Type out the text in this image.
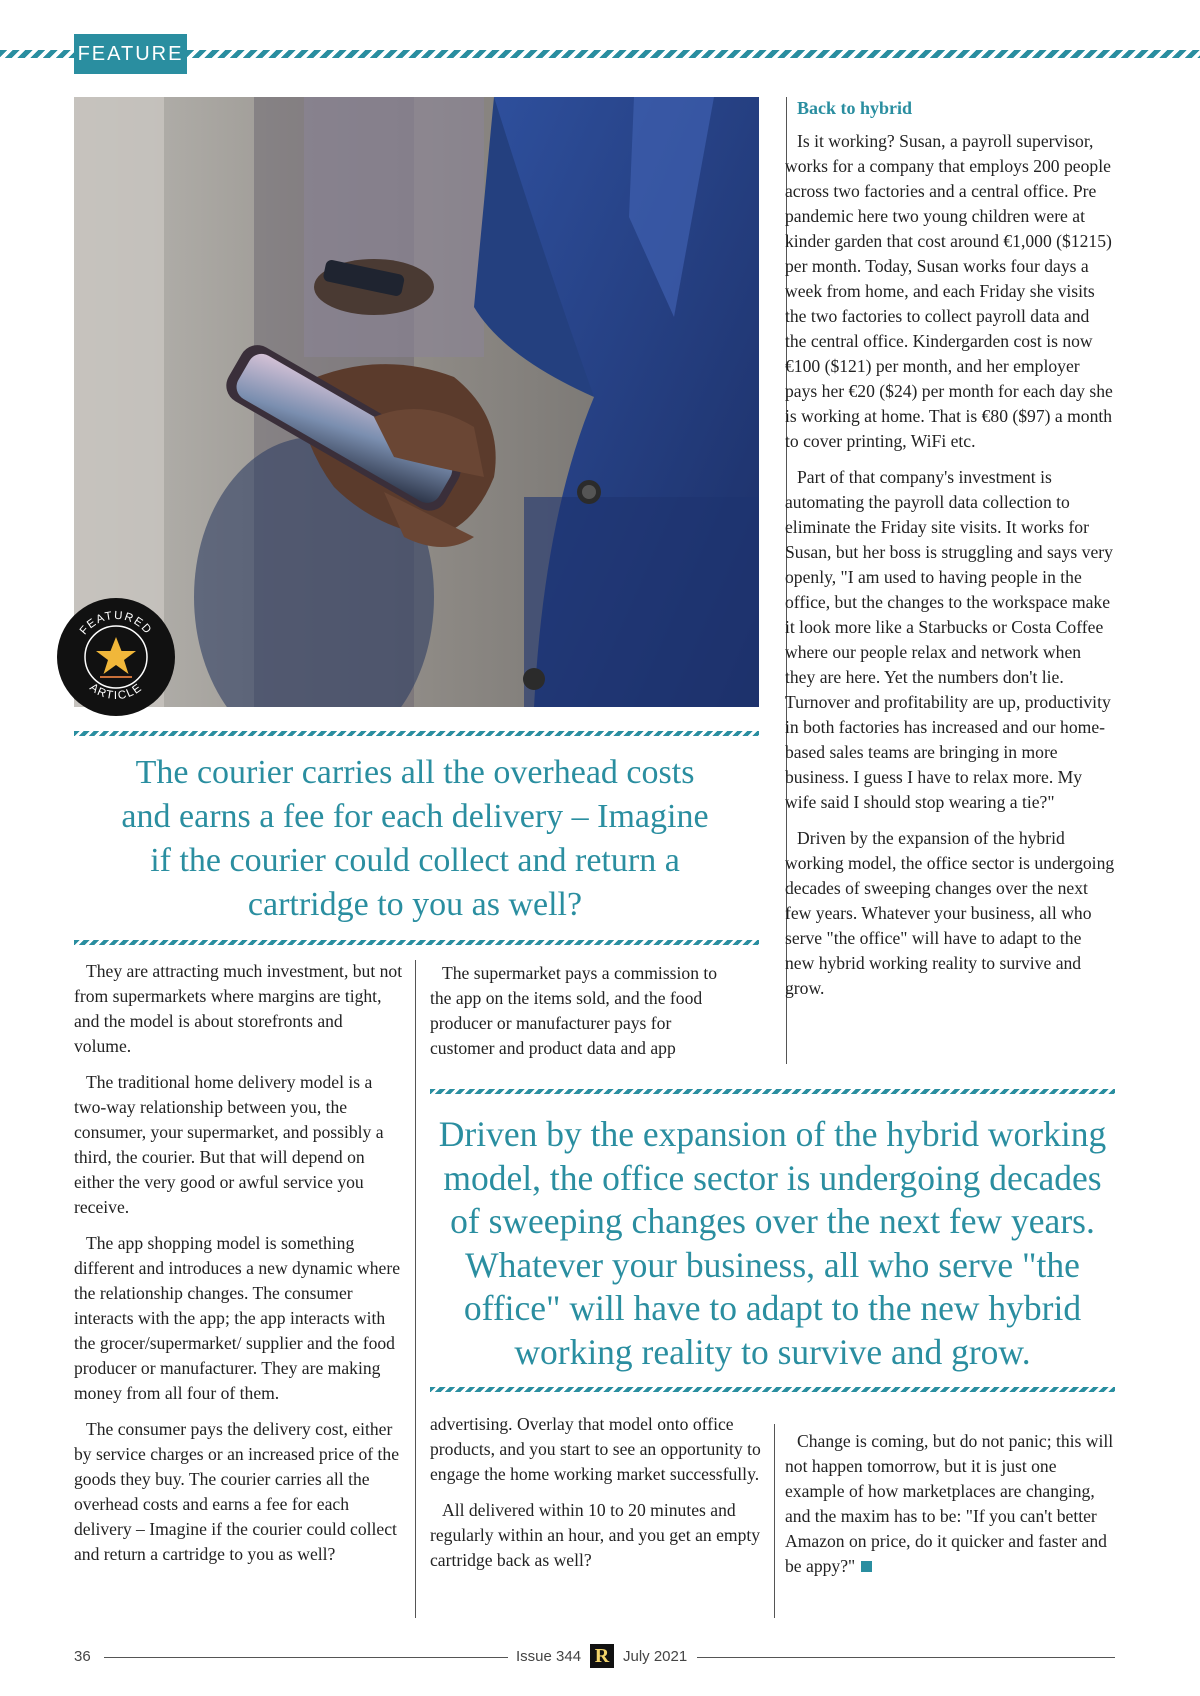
FEATURE
FEATURED
ARTICLE
The courier carries all the overhead costs and earns a fee for each delivery – Imagine if the courier could collect and return a cartridge to you as well?

They are attracting much investment, but not from supermarkets where margins are tight, and the model is about storefronts and volume.

The traditional home delivery model is a two-way relationship between you, the consumer, your supermarket, and possibly a third, the courier. But that will depend on either the very good or awful service you receive.

The app shopping model is something different and introduces a new dynamic where the relationship changes. The consumer interacts with the app; the app interacts with the grocer/supermarket/ supplier and the food producer or manufacturer. They are making money from all four of them.

The consumer pays the delivery cost, either by service charges or an increased price of the goods they buy. The courier carries all the overhead costs and earns a fee for each delivery – Imagine if the courier could collect and return a cartridge to you as well?

The supermarket pays a commission to the app on the items sold, and the food producer or manufacturer pays for customer and product data and app

Back to hybrid

Is it working? Susan, a payroll supervisor, works for a company that employs 200 people across two factories and a central office. Pre pandemic here two young children were at kinder garden that cost around €1,000 ($1215) per month. Today, Susan works four days a week from home, and each Friday she visits the two factories to collect payroll data and the central office. Kindergarden cost is now €100 ($121) per month, and her employer pays her €20 ($24) per month for each day she is working at home. That is €80 ($97) a month to cover printing, WiFi etc.

Part of that company's investment is automating the payroll data collection to eliminate the Friday site visits. It works for Susan, but her boss is struggling and says very openly, "I am used to having people in the office, but the changes to the workspace make it look more like a Starbucks or Costa Coffee where our people relax and network when they are here. Yet the numbers don't lie. Turnover and profitability are up, productivity in both factories has increased and our home-based sales teams are bringing in more business. I guess I have to relax more. My wife said I should stop wearing a tie?"

Driven by the expansion of the hybrid working model, the office sector is undergoing decades of sweeping changes over the next few years. Whatever your business, all who serve "the office" will have to adapt to the new hybrid working reality to survive and grow.

Driven by the expansion of the hybrid working model, the office sector is undergoing decades of sweeping changes over the next few years. Whatever your business, all who serve "the office" will have to adapt to the new hybrid working reality to survive and grow.

advertising. Overlay that model onto office products, and you start to see an opportunity to engage the home working market successfully.

All delivered within 10 to 20 minutes and regularly within an hour, and you get an empty cartridge back as well?

Change is coming, but do not panic; this will not happen tomorrow, but it is just one example of how marketplaces are changing, and the maxim has to be: "If you can't better Amazon on price, do it quicker and faster and be appy?"

36	Issue 344 R July 2021
